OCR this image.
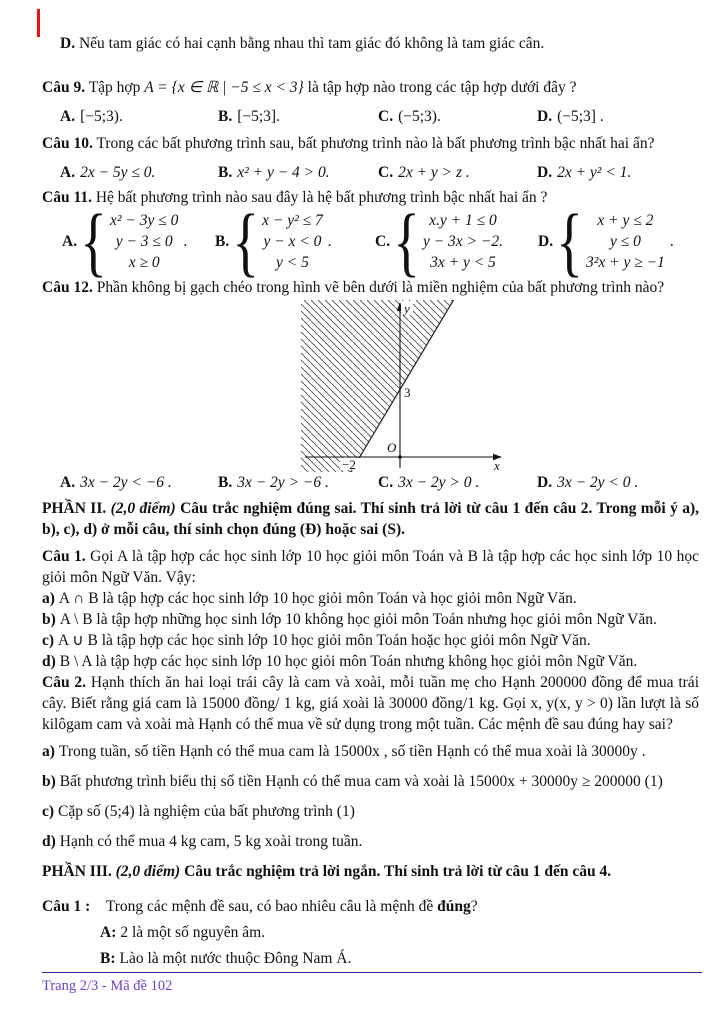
D. Nếu tam giác có hai cạnh bằng nhau thì tam giác đó không là tam giác cân.
Câu 9. Tập hợp A = {x ∈ ℝ | −5 ≤ x < 3} là tập hợp nào trong các tập hợp dưới đây ?
A. [−5;3).	B. [−5;3].	C. (−5;3).	D. (−5;3] .
Câu 10. Trong các bất phương trình sau, bất phương trình nào là bất phương trình bậc nhất hai ẩn?
A. 2x − 5y ≤ 0.	B. x² + y − 4 > 0.	C. 2x + y > z .	D. 2x + y² < 1.
Câu 11. Hệ bất phương trình nào sau đây là hệ bất phương trình bậc nhất hai ẩn ?
A. { x² − 3y ≤ 0
y − 3 ≤ 0
x ≥ 0
. B. { x − y² ≤ 7
y − x < 0
y < 5
.	C. { x.y + 1 ≤ 0
y − 3x > −2.
3x + y < 5
D. { x + y ≤ 2
y ≤ 0
3²x + y ≥ −1
.
Câu 12. Phần không bị gạch chéo trong hình vẽ bên dưới là miền nghiệm của bất phương trình nào?
y
x
O
3
−2
A. 3x − 2y < −6 .	B. 3x − 2y > −6 .	C. 3x − 2y > 0 .	D. 3x − 2y < 0 .
PHẦN II. (2,0 điểm) Câu trắc nghiệm đúng sai. Thí sinh trả lời từ câu 1 đến câu 2. Trong mỗi ý a), b), c), d) ở mỗi câu, thí sinh chọn đúng (Đ) hoặc sai (S).
Câu 1. Gọi A là tập hợp các học sinh lớp 10 học giỏi môn Toán và B là tập hợp các học sinh lớp 10 học giỏi môn Ngữ Văn. Vậy:
a) A ∩ B là tập hợp các học sinh lớp 10 học giỏi môn Toán và học giỏi môn Ngữ Văn.
b) A \ B là tập hợp những học sinh lớp 10 không học giỏi môn Toán nhưng học giỏi môn Ngữ Văn.
c) A ∪ B là tập hợp các học sinh lớp 10 học giỏi môn Toán hoặc học giỏi môn Ngữ Văn.
d) B \ A là tập hợp các học sinh lớp 10 học giỏi môn Toán nhưng không học giỏi môn Ngữ Văn.
Câu 2. Hạnh thích ăn hai loại trái cây là cam và xoài, mỗi tuần mẹ cho Hạnh 200000 đồng để mua trái cây. Biết rằng giá cam là 15000 đồng/ 1 kg, giá xoài là 30000 đồng/1 kg. Gọi x, y(x, y > 0) lần lượt là số kilôgam cam và xoài mà Hạnh có thể mua về sử dụng trong một tuần. Các mệnh đề sau đúng hay sai?
a) Trong tuần, số tiền Hạnh có thể mua cam là 15000x , số tiền Hạnh có thể mua xoài là 30000y .
b) Bất phương trình biểu thị số tiền Hạnh có thể mua cam và xoài là 15000x + 30000y ≥ 200000 (1)
c) Cặp số (5;4) là nghiệm của bất phương trình (1)
d) Hạnh có thể mua 4 kg cam, 5 kg xoài trong tuần.
PHẦN III. (2,0 điểm) Câu trắc nghiệm trả lời ngắn. Thí sinh trả lời từ câu 1 đến câu 4.
Câu 1 : Trong các mệnh đề sau, có bao nhiêu câu là mệnh đề đúng?
A: 2 là một số nguyên âm.
B: Lào là một nước thuộc Đông Nam Á.
Trang 2/3 - Mã đề 102
